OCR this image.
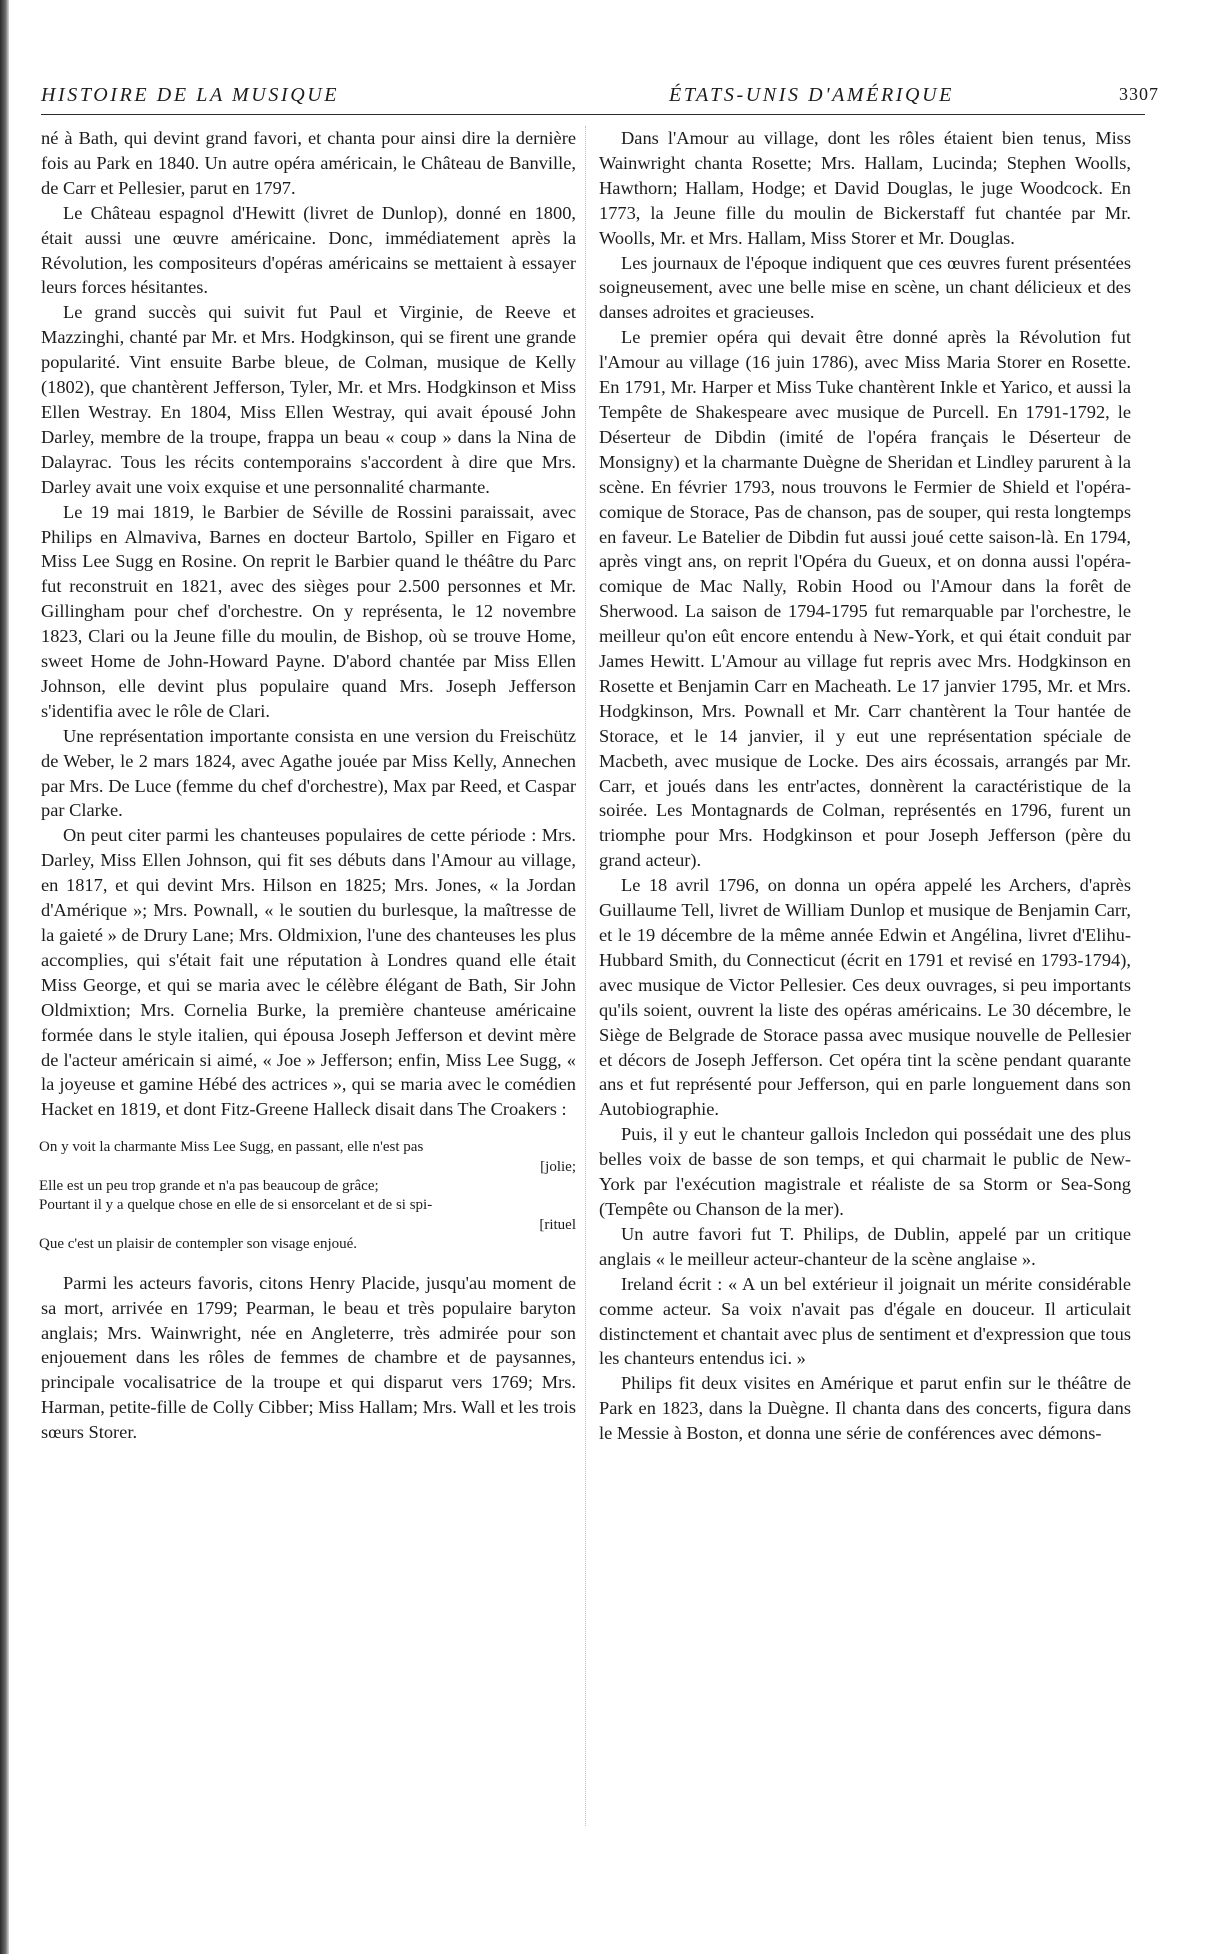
HISTOIRE DE LA MUSIQUE	ÉTATS-UNIS D'AMÉRIQUE	3307

né à Bath, qui devint grand favori, et chanta pour ainsi dire la dernière fois au Park en 1840. Un autre opéra américain, le Château de Banville, de Carr et Pellesier, parut en 1797.

Le Château espagnol d'Hewitt (livret de Dunlop), donné en 1800, était aussi une œuvre américaine. Donc, immédiatement après la Révolution, les compositeurs d'opéras américains se mettaient à essayer leurs forces hésitantes.

Le grand succès qui suivit fut Paul et Virginie, de Reeve et Mazzinghi, chanté par Mr. et Mrs. Hodgkinson, qui se firent une grande popularité. Vint ensuite Barbe bleue, de Colman, musique de Kelly (1802), que chantèrent Jefferson, Tyler, Mr. et Mrs. Hodgkinson et Miss Ellen Westray. En 1804, Miss Ellen Westray, qui avait épousé John Darley, membre de la troupe, frappa un beau « coup » dans la Nina de Dalayrac. Tous les récits contemporains s'accordent à dire que Mrs. Darley avait une voix exquise et une personnalité charmante.

Le 19 mai 1819, le Barbier de Séville de Rossini paraissait, avec Philips en Almaviva, Barnes en docteur Bartolo, Spiller en Figaro et Miss Lee Sugg en Rosine. On reprit le Barbier quand le théâtre du Parc fut reconstruit en 1821, avec des sièges pour 2.500 personnes et Mr. Gillingham pour chef d'orchestre. On y représenta, le 12 novembre 1823, Clari ou la Jeune fille du moulin, de Bishop, où se trouve Home, sweet Home de John-Howard Payne. D'abord chantée par Miss Ellen Johnson, elle devint plus populaire quand Mrs. Joseph Jefferson s'identifia avec le rôle de Clari.

Une représentation importante consista en une version du Freischütz de Weber, le 2 mars 1824, avec Agathe jouée par Miss Kelly, Annechen par Mrs. De Luce (femme du chef d'orchestre), Max par Reed, et Caspar par Clarke.

On peut citer parmi les chanteuses populaires de cette période : Mrs. Darley, Miss Ellen Johnson, qui fit ses débuts dans l'Amour au village, en 1817, et qui devint Mrs. Hilson en 1825; Mrs. Jones, « la Jordan d'Amérique »; Mrs. Pownall, « le soutien du burlesque, la maîtresse de la gaieté » de Drury Lane; Mrs. Oldmixion, l'une des chanteuses les plus accomplies, qui s'était fait une réputation à Londres quand elle était Miss George, et qui se maria avec le célèbre élégant de Bath, Sir John Oldmixtion; Mrs. Cornelia Burke, la première chanteuse américaine formée dans le style italien, qui épousa Joseph Jefferson et devint mère de l'acteur américain si aimé, « Joe » Jefferson; enfin, Miss Lee Sugg, « la joyeuse et gamine Hébé des actrices », qui se maria avec le comédien Hacket en 1819, et dont Fitz-Greene Halleck disait dans The Croakers :

On y voit la charmante Miss Lee Sugg, en passant, elle n'est pas
[jolie;
Elle est un peu trop grande et n'a pas beaucoup de grâce;
Pourtant il y a quelque chose en elle de si ensorcelant et de si spi-
[rituel
Que c'est un plaisir de contempler son visage enjoué.

Parmi les acteurs favoris, citons Henry Placide, jusqu'au moment de sa mort, arrivée en 1799; Pearman, le beau et très populaire baryton anglais; Mrs. Wainwright, née en Angleterre, très admirée pour son enjouement dans les rôles de femmes de chambre et de paysannes, principale vocalisatrice de la troupe et qui disparut vers 1769; Mrs. Harman, petite-fille de Colly Cibber; Miss Hallam; Mrs. Wall et les trois sœurs Storer.

Dans l'Amour au village, dont les rôles étaient bien tenus, Miss Wainwright chanta Rosette; Mrs. Hallam, Lucinda; Stephen Woolls, Hawthorn; Hallam, Hodge; et David Douglas, le juge Woodcock. En 1773, la Jeune fille du moulin de Bickerstaff fut chantée par Mr. Woolls, Mr. et Mrs. Hallam, Miss Storer et Mr. Douglas.

Les journaux de l'époque indiquent que ces œuvres furent présentées soigneusement, avec une belle mise en scène, un chant délicieux et des danses adroites et gracieuses.

Le premier opéra qui devait être donné après la Révolution fut l'Amour au village (16 juin 1786), avec Miss Maria Storer en Rosette. En 1791, Mr. Harper et Miss Tuke chantèrent Inkle et Yarico, et aussi la Tempête de Shakespeare avec musique de Purcell. En 1791-1792, le Déserteur de Dibdin (imité de l'opéra français le Déserteur de Monsigny) et la charmante Duègne de Sheridan et Lindley parurent à la scène. En février 1793, nous trouvons le Fermier de Shield et l'opéra-comique de Storace, Pas de chanson, pas de souper, qui resta longtemps en faveur. Le Batelier de Dibdin fut aussi joué cette saison-là. En 1794, après vingt ans, on reprit l'Opéra du Gueux, et on donna aussi l'opéra-comique de Mac Nally, Robin Hood ou l'Amour dans la forêt de Sherwood. La saison de 1794-1795 fut remarquable par l'orchestre, le meilleur qu'on eût encore entendu à New-York, et qui était conduit par James Hewitt. L'Amour au village fut repris avec Mrs. Hodgkinson en Rosette et Benjamin Carr en Macheath. Le 17 janvier 1795, Mr. et Mrs. Hodgkinson, Mrs. Pownall et Mr. Carr chantèrent la Tour hantée de Storace, et le 14 janvier, il y eut une représentation spéciale de Macbeth, avec musique de Locke. Des airs écossais, arrangés par Mr. Carr, et joués dans les entr'actes, donnèrent la caractéristique de la soirée. Les Montagnards de Colman, représentés en 1796, furent un triomphe pour Mrs. Hodgkinson et pour Joseph Jefferson (père du grand acteur).

Le 18 avril 1796, on donna un opéra appelé les Archers, d'après Guillaume Tell, livret de William Dunlop et musique de Benjamin Carr, et le 19 décembre de la même année Edwin et Angélina, livret d'Elihu-Hubbard Smith, du Connecticut (écrit en 1791 et revisé en 1793-1794), avec musique de Victor Pellesier. Ces deux ouvrages, si peu importants qu'ils soient, ouvrent la liste des opéras américains. Le 30 décembre, le Siège de Belgrade de Storace passa avec musique nouvelle de Pellesier et décors de Joseph Jefferson. Cet opéra tint la scène pendant quarante ans et fut représenté pour Jefferson, qui en parle longuement dans son Autobiographie.

Puis, il y eut le chanteur gallois Incledon qui possédait une des plus belles voix de basse de son temps, et qui charmait le public de New-York par l'exécution magistrale et réaliste de sa Storm or Sea-Song (Tempête ou Chanson de la mer).

Un autre favori fut T. Philips, de Dublin, appelé par un critique anglais « le meilleur acteur-chanteur de la scène anglaise ».

Ireland écrit : « A un bel extérieur il joignait un mérite considérable comme acteur. Sa voix n'avait pas d'égale en douceur. Il articulait distinctement et chantait avec plus de sentiment et d'expression que tous les chanteurs entendus ici. »

Philips fit deux visites en Amérique et parut enfin sur le théâtre de Park en 1823, dans la Duègne. Il chanta dans des concerts, figura dans le Messie à Boston, et donna une série de conférences avec démons-
